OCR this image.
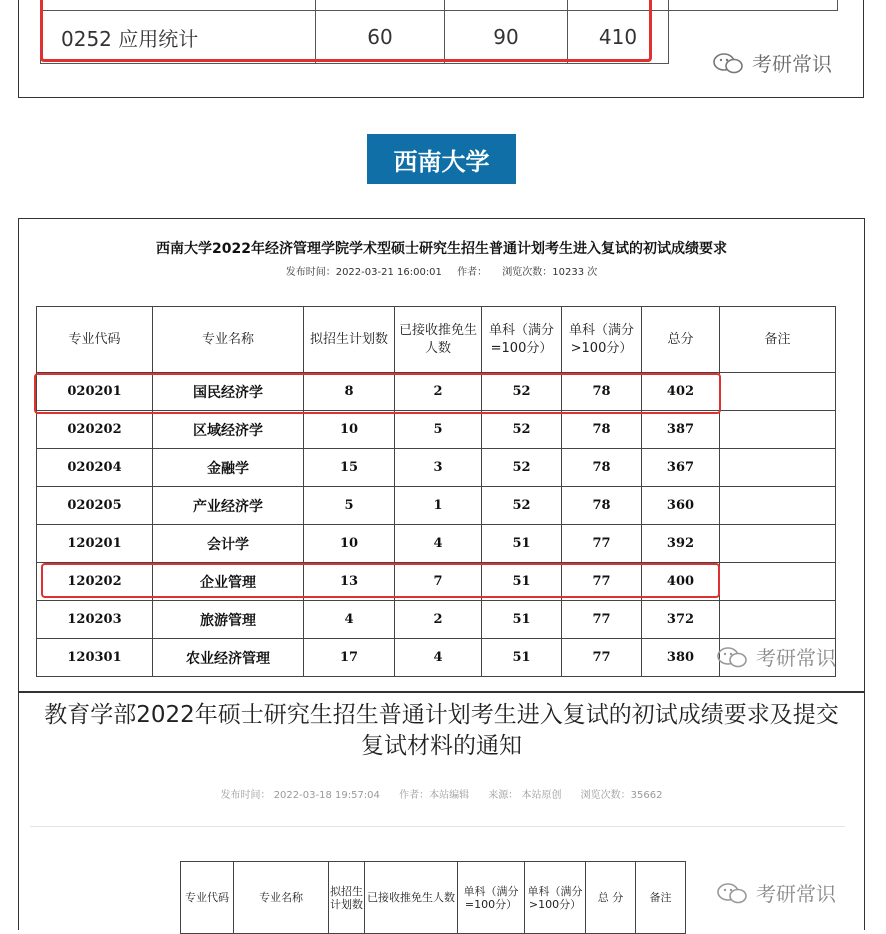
0252 应用统计	60	90	410	
考研常识
西南大学
西南大学2022年经济管理学院学术型硕士研究生招生普通计划考生进入复试的初试成绩要求
发布时间：2022-03-21 16:00:01 作者： 浏览次数：10233 次
专业代码	专业名称	拟招生计划数	已接收推免生人数	单科（满分=100分）	单科（满分>100分）	总分	备注
020201	国民经济学	8	2	52	78	402	
020202	区域经济学	10	5	52	78	387	
020204	金融学	15	3	52	78	367	
020205	产业经济学	5	1	52	78	360	
120201	会计学	10	4	51	77	392	
120202	企业管理	13	7	51	77	400	
120203	旅游管理	4	2	51	77	372	
120301	农业经济管理	17	4	51	77	380		考研常识
教育学部2022年硕士研究生招生普通计划考生进入复试的初试成绩要求及提交
复试材料的通知
发布时间： 2022-03-18 19:57:04 作者：本站编辑 来源： 本站原创 浏览次数：35662
专业代码	专业名称	拟招生计划数	已接收推免生人数	单科（满分=100分）	单科（满分>100分）	总 分	备注	考研常识
